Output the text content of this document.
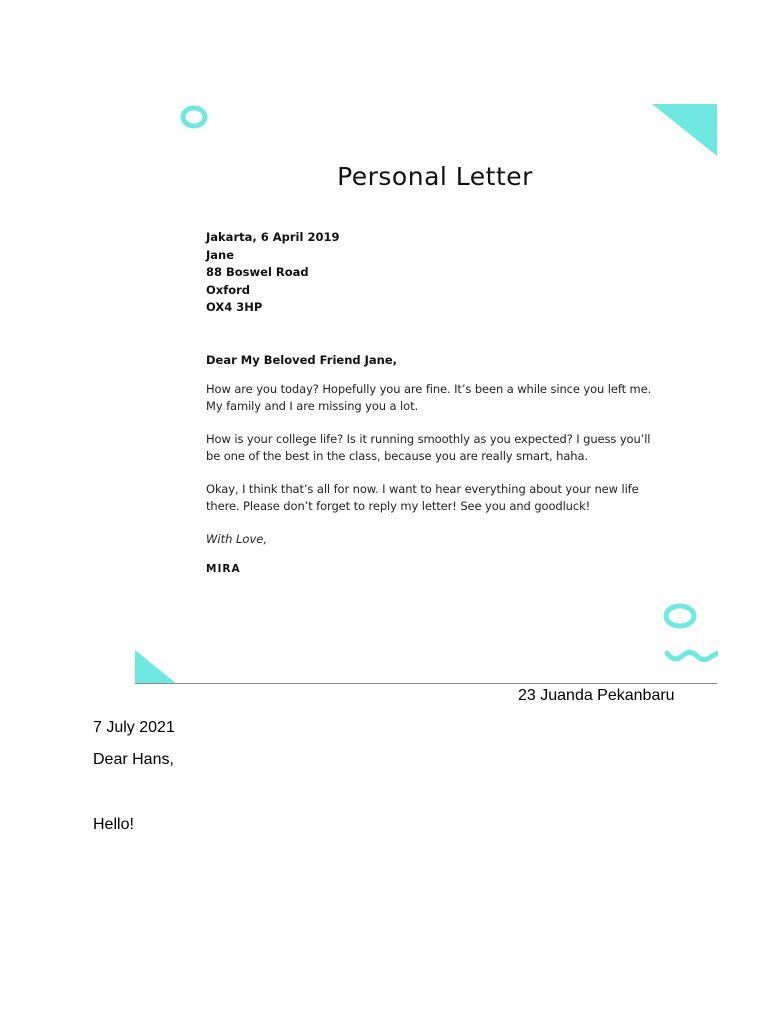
Personal Letter
Jakarta, 6 April 2019
Jane
88 Boswel Road
Oxford
OX4 3HP

Dear My Beloved Friend Jane,

How are you today? Hopefully you are fine. It’s been a while since you left me.
My family and I are missing you a lot.

How is your college life? Is it running smoothly as you expected? I guess you’ll
be one of the best in the class, because you are really smart, haha.

Okay, I think that’s all for now. I want to hear everything about your new life
there. Please don’t forget to reply my letter! See you and goodluck!

With Love,

MIRA

23 Juanda Pekanbaru
7 July 2021
Dear Hans,
Hello!
